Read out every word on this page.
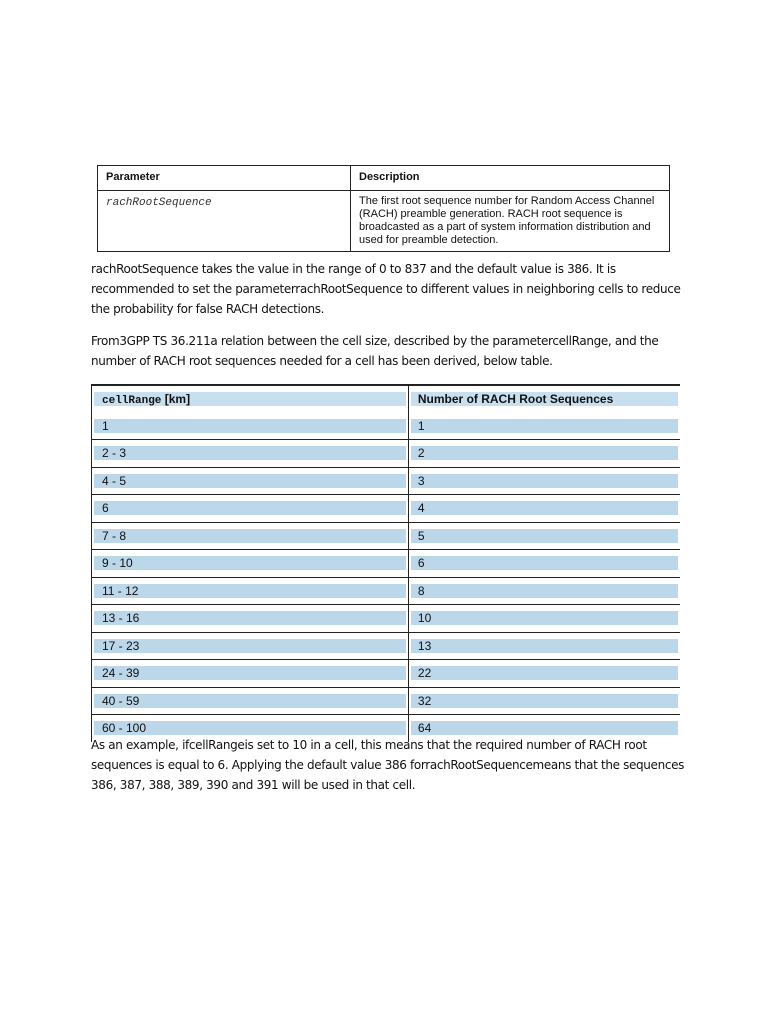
Parameter	Description
rachRootSequence	The first root sequence number for Random Access Channel (RACH) preamble generation. RACH root sequence is broadcasted as a part of system information distribution and used for preamble detection.

rachRootSequence takes the value in the range of 0 to 837 and the default value is 386. It is recommended to set the parameterrachRootSequence to different values in neighboring cells to reduce the probability for false RACH detections.

From3GPP TS 36.211a relation between the cell size, described by the parametercellRange, and the number of RACH root sequences needed for a cell has been derived, below table.

cellRange [km]	Number of RACH Root Sequences

1	1

2 - 3	2

4 - 5	3

6	4

7 - 8	5

9 - 10	6

11 - 12	8

13 - 16	10

17 - 23	13

24 - 39	22

40 - 59	32

60 - 100	64

As an example, ifcellRangeis set to 10 in a cell, this means that the required number of RACH root sequences is equal to 6. Applying the default value 386 forrachRootSequencemeans that the sequences 386, 387, 388, 389, 390 and 391 will be used in that cell.
